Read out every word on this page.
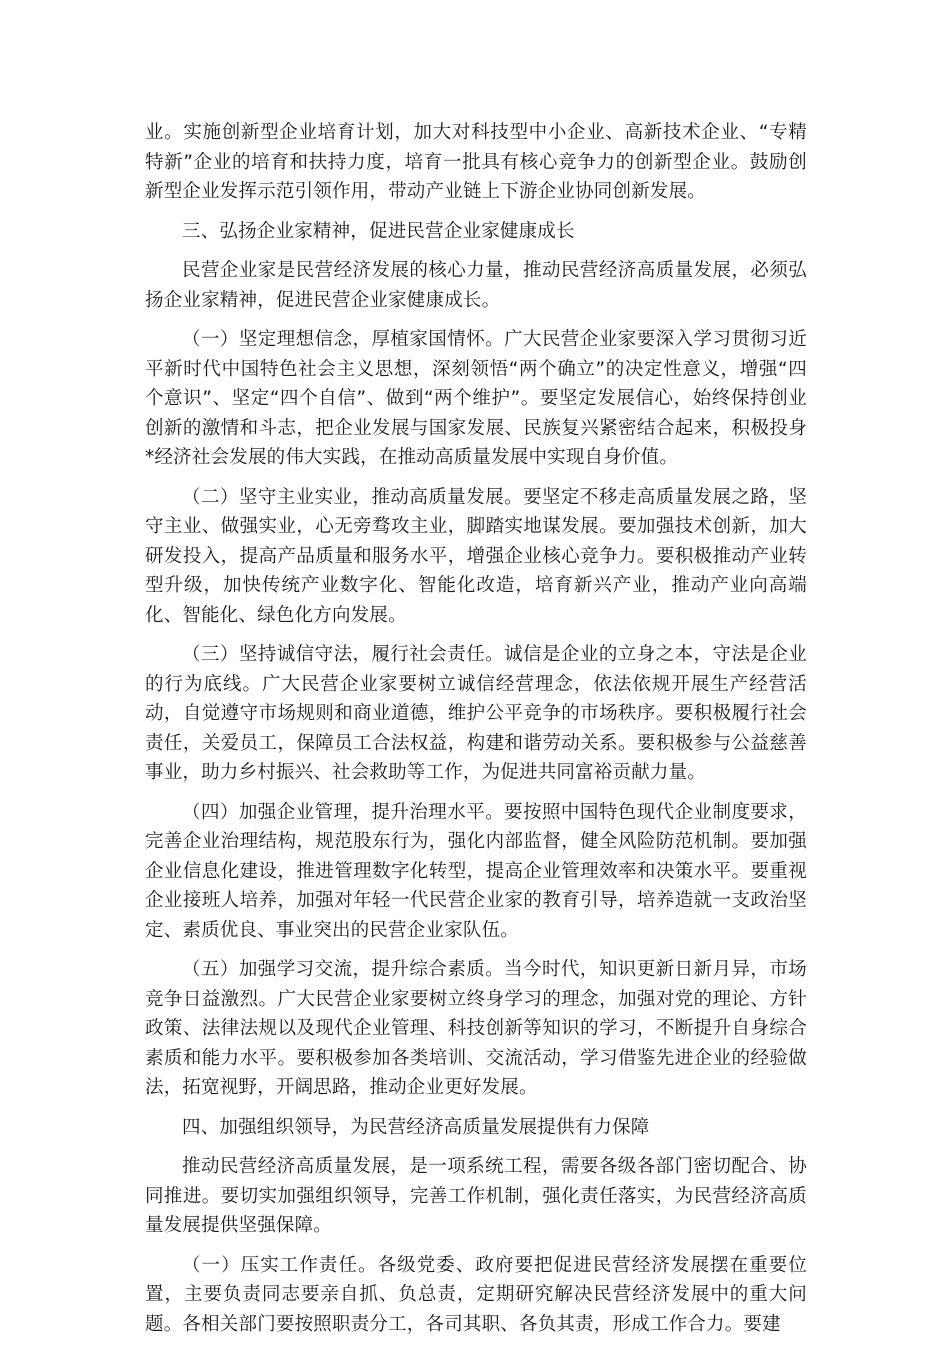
业。实施创新型企业培育计划，加大对科技型中小企业、高新技术企业、“专精特新”企业的培育和扶持力度，培育一批具有核心竞争力的创新型企业。鼓励创新型企业发挥示范引领作用，带动产业链上下游企业协同创新发展。

三、弘扬企业家精神，促进民营企业家健康成长

民营企业家是民营经济发展的核心力量，推动民营经济高质量发展，必须弘扬企业家精神，促进民营企业家健康成长。

（一）坚定理想信念，厚植家国情怀。广大民营企业家要深入学习贯彻习近平新时代中国特色社会主义思想，深刻领悟“两个确立”的决定性意义，增强“四个意识”、坚定“四个自信”、做到“两个维护”。要坚定发展信心，始终保持创业创新的激情和斗志，把企业发展与国家发展、民族复兴紧密结合起来，积极投身*经济社会发展的伟大实践，在推动高质量发展中实现自身价值。

（二）坚守主业实业，推动高质量发展。要坚定不移走高质量发展之路，坚守主业、做强实业，心无旁骛攻主业，脚踏实地谋发展。要加强技术创新，加大研发投入，提高产品质量和服务水平，增强企业核心竞争力。要积极推动产业转型升级，加快传统产业数字化、智能化改造，培育新兴产业，推动产业向高端化、智能化、绿色化方向发展。

（三）坚持诚信守法，履行社会责任。诚信是企业的立身之本，守法是企业的行为底线。广大民营企业家要树立诚信经营理念，依法依规开展生产经营活动，自觉遵守市场规则和商业道德，维护公平竞争的市场秩序。要积极履行社会责任，关爱员工，保障员工合法权益，构建和谐劳动关系。要积极参与公益慈善事业，助力乡村振兴、社会救助等工作，为促进共同富裕贡献力量。

（四）加强企业管理，提升治理水平。要按照中国特色现代企业制度要求，完善企业治理结构，规范股东行为，强化内部监督，健全风险防范机制。要加强企业信息化建设，推进管理数字化转型，提高企业管理效率和决策水平。要重视企业接班人培养，加强对年轻一代民营企业家的教育引导，培养造就一支政治坚定、素质优良、事业突出的民营企业家队伍。

（五）加强学习交流，提升综合素质。当今时代，知识更新日新月异，市场竞争日益激烈。广大民营企业家要树立终身学习的理念，加强对党的理论、方针政策、法律法规以及现代企业管理、科技创新等知识的学习，不断提升自身综合素质和能力水平。要积极参加各类培训、交流活动，学习借鉴先进企业的经验做法，拓宽视野，开阔思路，推动企业更好发展。

四、加强组织领导，为民营经济高质量发展提供有力保障

推动民营经济高质量发展，是一项系统工程，需要各级各部门密切配合、协同推进。要切实加强组织领导，完善工作机制，强化责任落实，为民营经济高质量发展提供坚强保障。

（一）压实工作责任。各级党委、政府要把促进民营经济发展摆在重要位置，主要负责同志要亲自抓、负总责，定期研究解决民营经济发展中的重大问题。各相关部门要按照职责分工，各司其职、各负其责，形成工作合力。要建
